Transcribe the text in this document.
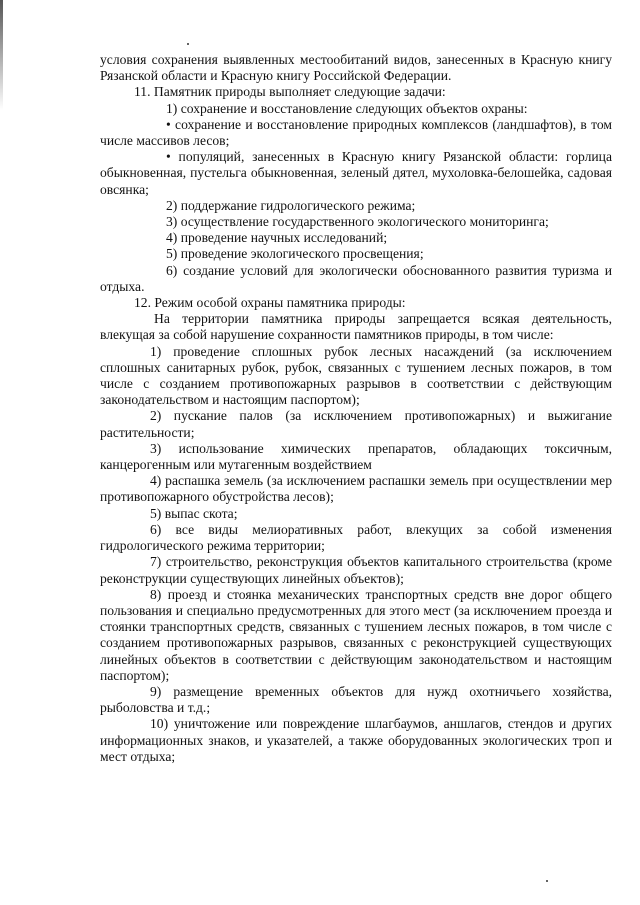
условия сохранения выявленных местообитаний видов, занесенных в Красную книгу Рязанской области и Красную книгу Российской Федерации.

11. Памятник природы выполняет следующие задачи:

1) сохранение и восстановление следующих объектов охраны:

• сохранение и восстановление природных комплексов (ландшафтов), в том числе массивов лесов;

• популяций, занесенных в Красную книгу Рязанской области: горлица обыкновенная, пустельга обыкновенная, зеленый дятел, мухоловка-белошейка, садовая овсянка;

2) поддержание гидрологического режима;

3) осуществление государственного экологического мониторинга;

4) проведение научных исследований;

5) проведение экологического просвещения;

6) создание условий для экологически обоснованного развития туризма и отдыха.

12. Режим особой охраны памятника природы:

На территории памятника природы запрещается всякая деятельность, влекущая за собой нарушение сохранности памятников природы, в том числе:

1) проведение сплошных рубок лесных насаждений (за исключением сплошных санитарных рубок, рубок, связанных с тушением лесных пожаров, в том числе с созданием противопожарных разрывов в соответствии с действующим законодательством и настоящим паспортом);

2) пускание палов (за исключением противопожарных) и выжигание растительности;

3) использование химических препаратов, обладающих токсичным, канцерогенным или мутагенным воздействием

4) распашка земель (за исключением распашки земель при осуществлении мер противопожарного обустройства лесов);

5) выпас скота;

6) все виды мелиоративных работ, влекущих за собой изменения гидрологического режима территории;

7) строительство, реконструкция объектов капитального строительства (кроме реконструкции существующих линейных объектов);

8) проезд и стоянка механических транспортных средств вне дорог общего пользования и специально предусмотренных для этого мест (за исключением проезда и стоянки транспортных средств, связанных с тушением лесных пожаров, в том числе с созданием противопожарных разрывов, связанных с реконструкцией существующих линейных объектов в соответствии с действующим законодательством и настоящим паспортом);

9) размещение временных объектов для нужд охотничьего хозяйства, рыболовства и т.д.;

10) уничтожение или повреждение шлагбаумов, аншлагов, стендов и других информационных знаков, и указателей, а также оборудованных экологических троп и мест отдыха;
